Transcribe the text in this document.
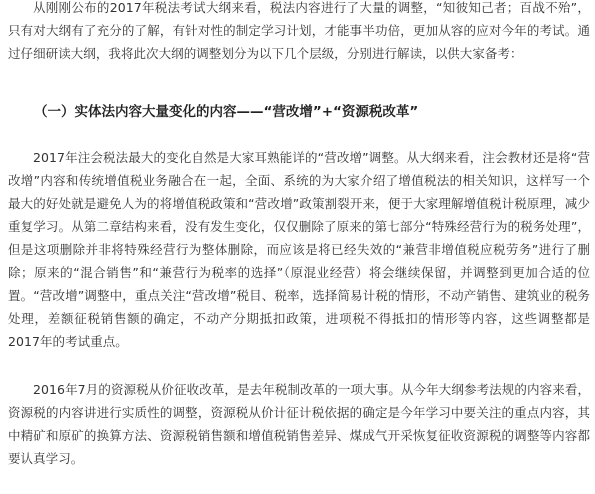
从刚刚公布的2017年税法考试大纲来看，税法内容进行了大量的调整，“知彼知己者；百战不殆”，只有对大纲有了充分的了解，有针对性的制定学习计划，才能事半功倍，更加从容的应对今年的考试。通过仔细研读大纲，我将此次大纲的调整划分为以下几个层级，分别进行解读，以供大家备考：

（一）实体法内容大量变化的内容——“营改增”+“资源税改革”

2017年注会税法最大的变化自然是大家耳熟能详的“营改增”调整。从大纲来看，注会教材还是将“营改增”内容和传统增值税业务融合在一起，全面、系统的为大家介绍了增值税法的相关知识，这样写一个最大的好处就是避免人为的将增值税政策和“营改增”政策割裂开来，便于大家理解增值税计税原理，减少重复学习。从第二章结构来看，没有发生变化，仅仅删除了原来的第七部分“特殊经营行为的税务处理”，但是这项删除并非将特殊经营行为整体删除，而应该是将已经失效的“兼营非增值税应税劳务”进行了删除；原来的“混合销售”和“兼营行为税率的选择”（原混业经营）将会继续保留，并调整到更加合适的位置。“营改增”调整中，重点关注“营改增”税目、税率，选择简易计税的情形，不动产销售、建筑业的税务处理，差额征税销售额的确定，不动产分期抵扣政策，进项税不得抵扣的情形等内容，这些调整都是2017年的考试重点。

2016年7月的资源税从价征收改革，是去年税制改革的一项大事。从今年大纲参考法规的内容来看，资源税的内容讲进行实质性的调整，资源税从价计征计税依据的确定是今年学习中要关注的重点内容，其中精矿和原矿的换算方法、资源税销售额和增值税销售差异、煤成气开采恢复征收资源税的调整等内容都要认真学习。
